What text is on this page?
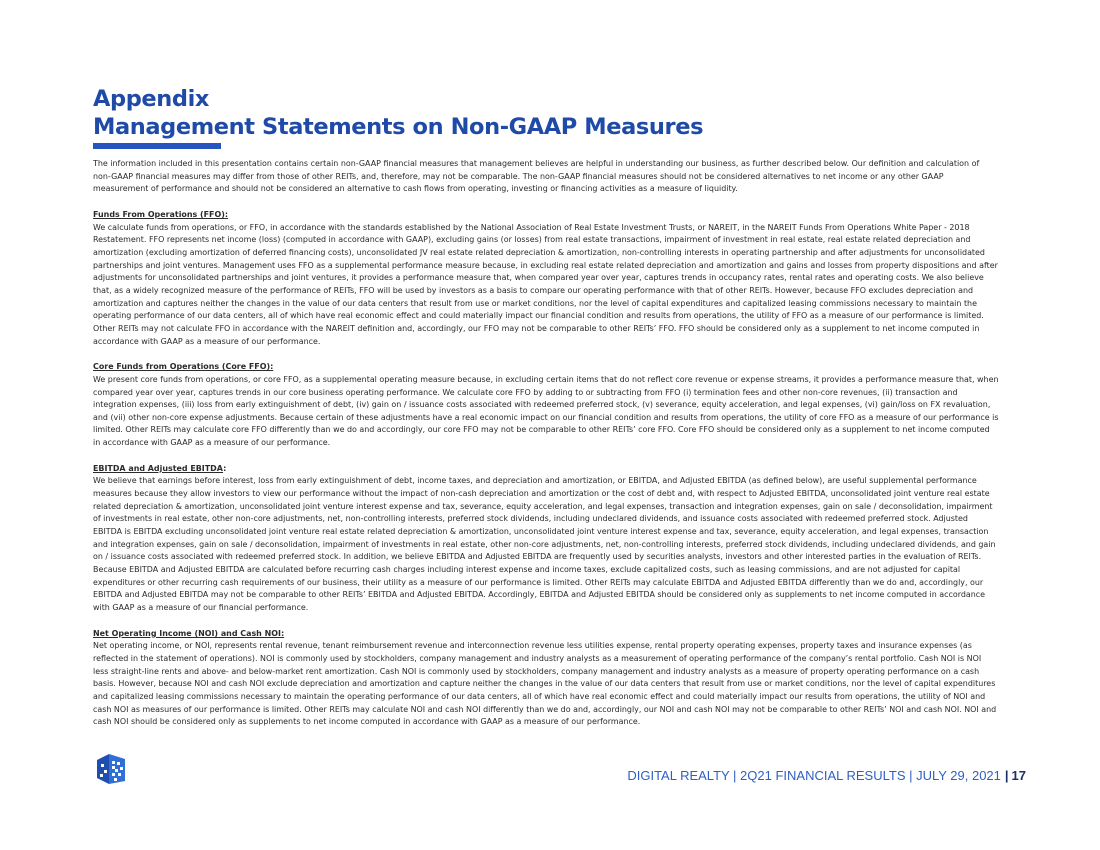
Appendix
Management Statements on Non-GAAP Measures

The information included in this presentation contains certain non-GAAP financial measures that management believes are helpful in understanding our business, as further described below. Our definition and calculation of non-GAAP financial measures may differ from those of other REITs, and, therefore, may not be comparable. The non-GAAP financial measures should not be considered alternatives to net income or any other GAAP measurement of performance and should not be considered an alternative to cash flows from operating, investing or financing activities as a measure of liquidity.

Funds From Operations (FFO):

We calculate funds from operations, or FFO, in accordance with the standards established by the National Association of Real Estate Investment Trusts, or NAREIT, in the NAREIT Funds From Operations White Paper - 2018 Restatement. FFO represents net income (loss) (computed in accordance with GAAP), excluding gains (or losses) from real estate transactions, impairment of investment in real estate, real estate related depreciation and amortization (excluding amortization of deferred financing costs), unconsolidated JV real estate related depreciation & amortization, non-controlling interests in operating partnership and after adjustments for unconsolidated partnerships and joint ventures. Management uses FFO as a supplemental performance measure because, in excluding real estate related depreciation and amortization and gains and losses from property dispositions and after adjustments for unconsolidated partnerships and joint ventures, it provides a performance measure that, when compared year over year, captures trends in occupancy rates, rental rates and operating costs. We also believe that, as a widely recognized measure of the performance of REITs, FFO will be used by investors as a basis to compare our operating performance with that of other REITs. However, because FFO excludes depreciation and amortization and captures neither the changes in the value of our data centers that result from use or market conditions, nor the level of capital expenditures and capitalized leasing commissions necessary to maintain the operating performance of our data centers, all of which have real economic effect and could materially impact our financial condition and results from operations, the utility of FFO as a measure of our performance is limited. Other REITs may not calculate FFO in accordance with the NAREIT definition and, accordingly, our FFO may not be comparable to other REITs’ FFO. FFO should be considered only as a supplement to net income computed in accordance with GAAP as a measure of our performance.

Core Funds from Operations (Core FFO):

We present core funds from operations, or core FFO, as a supplemental operating measure because, in excluding certain items that do not reflect core revenue or expense streams, it provides a performance measure that, when compared year over year, captures trends in our core business operating performance. We calculate core FFO by adding to or subtracting from FFO (i) termination fees and other non-core revenues, (ii) transaction and integration expenses, (iii) loss from early extinguishment of debt, (iv) gain on / issuance costs associated with redeemed preferred stock, (v) severance, equity acceleration, and legal expenses, (vi) gain/loss on FX revaluation, and (vii) other non-core expense adjustments. Because certain of these adjustments have a real economic impact on our financial condition and results from operations, the utility of core FFO as a measure of our performance is limited. Other REITs may calculate core FFO differently than we do and accordingly, our core FFO may not be comparable to other REITs’ core FFO. Core FFO should be considered only as a supplement to net income computed in accordance with GAAP as a measure of our performance.

EBITDA and Adjusted EBITDA:

We believe that earnings before interest, loss from early extinguishment of debt, income taxes, and depreciation and amortization, or EBITDA, and Adjusted EBITDA (as defined below), are useful supplemental performance measures because they allow investors to view our performance without the impact of non-cash depreciation and amortization or the cost of debt and, with respect to Adjusted EBITDA, unconsolidated joint venture real estate related depreciation & amortization, unconsolidated joint venture interest expense and tax, severance, equity acceleration, and legal expenses, transaction and integration expenses, gain on sale / deconsolidation, impairment of investments in real estate, other non-core adjustments, net, non-controlling interests, preferred stock dividends, including undeclared dividends, and issuance costs associated with redeemed preferred stock. Adjusted EBITDA is EBITDA excluding unconsolidated joint venture real estate related depreciation & amortization, unconsolidated joint venture interest expense and tax, severance, equity acceleration, and legal expenses, transaction and integration expenses, gain on sale / deconsolidation, impairment of investments in real estate, other non-core adjustments, net, non-controlling interests, preferred stock dividends, including undeclared dividends, and gain on / issuance costs associated with redeemed preferred stock. In addition, we believe EBITDA and Adjusted EBITDA are frequently used by securities analysts, investors and other interested parties in the evaluation of REITs. Because EBITDA and Adjusted EBITDA are calculated before recurring cash charges including interest expense and income taxes, exclude capitalized costs, such as leasing commissions, and are not adjusted for capital expenditures or other recurring cash requirements of our business, their utility as a measure of our performance is limited. Other REITs may calculate EBITDA and Adjusted EBITDA differently than we do and, accordingly, our EBITDA and Adjusted EBITDA may not be comparable to other REITs’ EBITDA and Adjusted EBITDA. Accordingly, EBITDA and Adjusted EBITDA should be considered only as supplements to net income computed in accordance with GAAP as a measure of our financial performance.

Net Operating Income (NOI) and Cash NOI:

Net operating income, or NOI, represents rental revenue, tenant reimbursement revenue and interconnection revenue less utilities expense, rental property operating expenses, property taxes and insurance expenses (as reflected in the statement of operations). NOI is commonly used by stockholders, company management and industry analysts as a measurement of operating performance of the company’s rental portfolio. Cash NOI is NOI less straight-line rents and above- and below-market rent amortization. Cash NOI is commonly used by stockholders, company management and industry analysts as a measure of property operating performance on a cash basis. However, because NOI and cash NOI exclude depreciation and amortization and capture neither the changes in the value of our data centers that result from use or market conditions, nor the level of capital expenditures and capitalized leasing commissions necessary to maintain the operating performance of our data centers, all of which have real economic effect and could materially impact our results from operations, the utility of NOI and cash NOI as measures of our performance is limited. Other REITs may calculate NOI and cash NOI differently than we do and, accordingly, our NOI and cash NOI may not be comparable to other REITs’ NOI and cash NOI. NOI and cash NOI should be considered only as supplements to net income computed in accordance with GAAP as a measure of our performance.

DIGITAL REALTY | 2Q21 FINANCIAL RESULTS | JULY 29, 2021 | 17
